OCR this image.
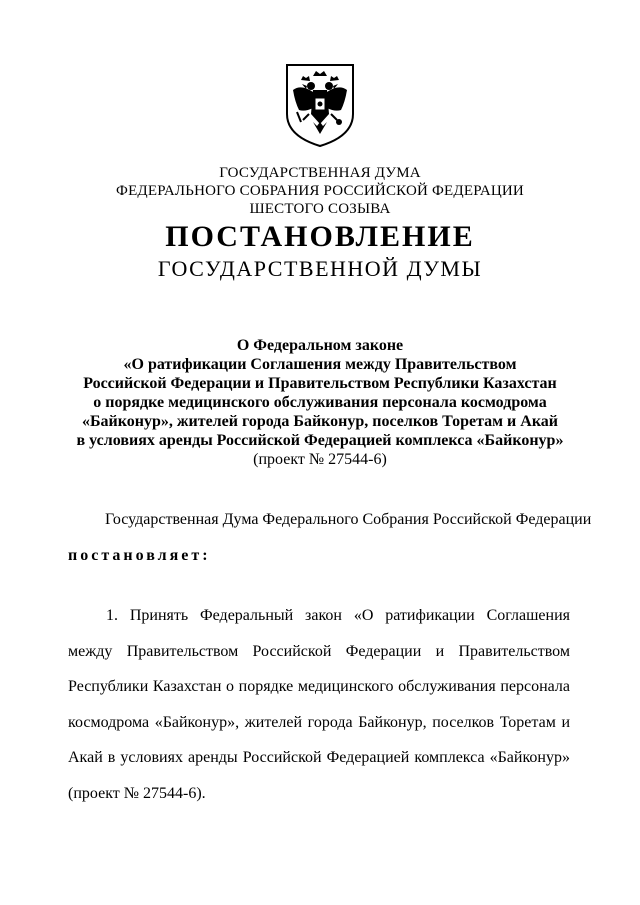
ГОСУДАРСТВЕННАЯ ДУМА
ФЕДЕРАЛЬНОГО СОБРАНИЯ РОССИЙСКОЙ ФЕДЕРАЦИИ
ШЕСТОГО СОЗЫВА
ПОСТАНОВЛЕНИЕ
ГОСУДАРСТВЕННОЙ ДУМЫ
О Федеральном законе
«О ратификации Соглашения между Правительством
Российской Федерации и Правительством Республики Казахстан
о порядке медицинского обслуживания персонала космодрома
«Байконур», жителей города Байконур, поселков Торетам и Акай
в условиях аренды Российской Федерацией комплекса «Байконур»
(проект № 27544-6)
Государственная Дума Федерального Собрания Российской Федерации
постановляет:
1. Принять Федеральный закон «О ратификации Соглашения между Правительством Российской Федерации и Правительством Республики Казахстан о порядке медицинского обслуживания персонала космодрома «Байконур», жителей города Байконур, поселков Торетам и Акай в условиях аренды Российской Федерацией комплекса «Байконур» (проект № 27544-6).
